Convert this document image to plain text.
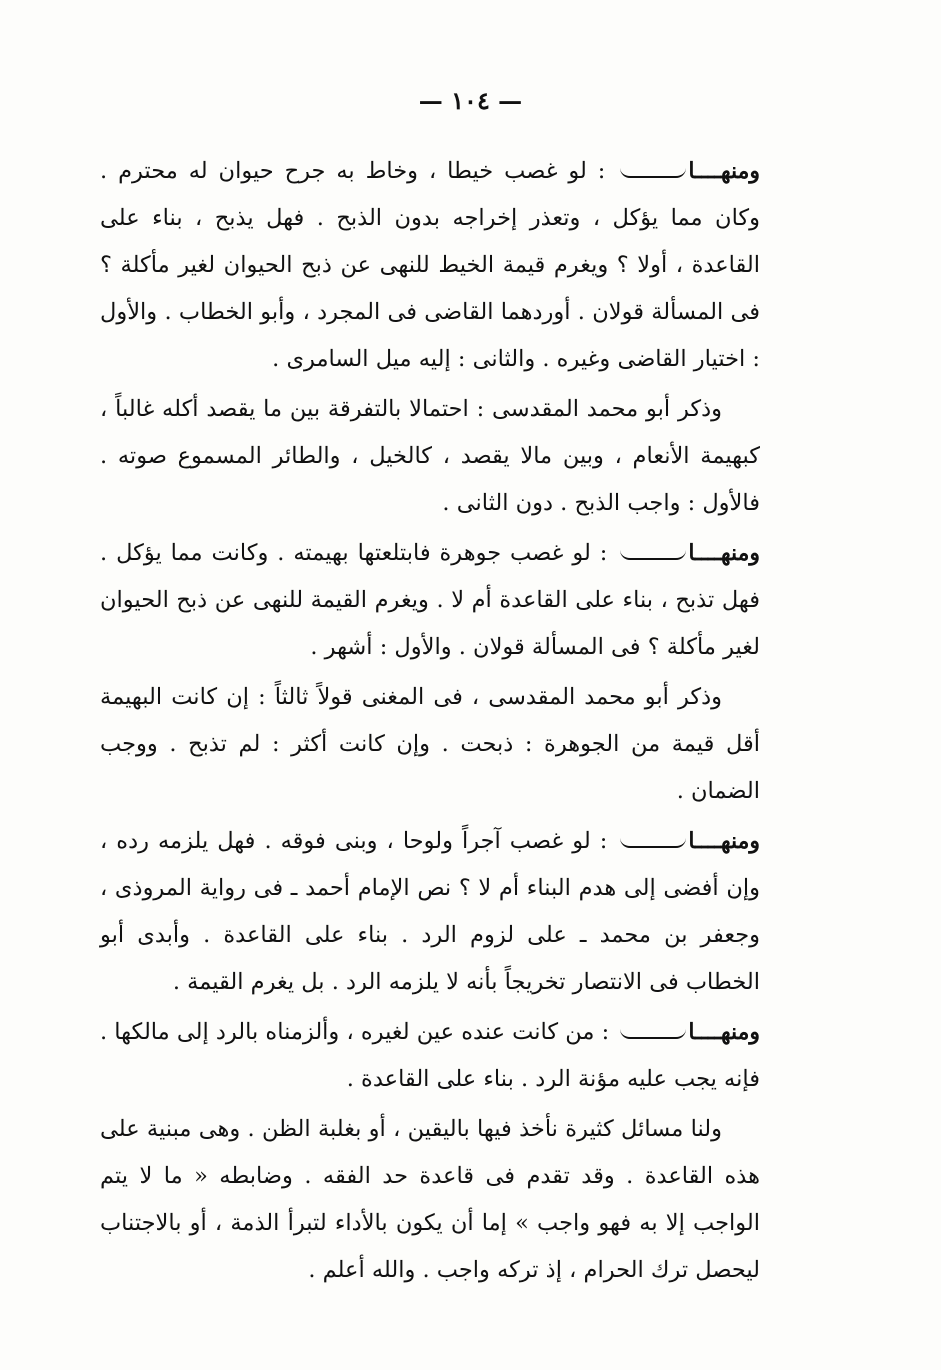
— ١٠٤ —

ومنهــــا : لو غصب خيطا ، وخاط به جرح حيوان له محترم . وكان مما يؤكل ، وتعذر إخراجه بدون الذبح . فهل يذبح ، بناء على القاعدة ، أولا ؟ ويغرم قيمة الخيط للنهى عن ذبح الحيوان لغير مأكلة ؟ فى المسألة قولان . أوردهما القاضى فى المجرد ، وأبو الخطاب . والأول : اختيار القاضى وغيره . والثانى : إليه ميل السامرى .

وذكر أبو محمد المقدسى : احتمالا بالتفرقة بين ما يقصد أكله غالباً ، كبهيمة الأنعام ، وبين مالا يقصد ، كالخيل ، والطائر المسموع صوته . فالأول : واجب الذبح . دون الثانى .

ومنهــــا : لو غصب جوهرة فابتلعتها بهيمته . وكانت مما يؤكل . فهل تذبح ، بناء على القاعدة أم لا . ويغرم القيمة للنهى عن ذبح الحيوان لغير مأكلة ؟ فى المسألة قولان . والأول : أشهر .

وذكر أبو محمد المقدسى ، فى المغنى قولاً ثالثاً : إن كانت البهيمة أقل قيمة من الجوهرة : ذبحت . وإن كانت أكثر : لم تذبح . ووجب الضمان .

ومنهــــا : لو غصب آجراً ولوحا ، وبنى فوقه . فهل يلزمه رده ، وإن أفضى إلى هدم البناء أم لا ؟ نص الإمام أحمد ـ فى رواية المروذى ، وجعفر بن محمد ـ على لزوم الرد . بناء على القاعدة . وأبدى أبو الخطاب فى الانتصار تخريجاً بأنه لا يلزمه الرد . بل يغرم القيمة .

ومنهــــا : من كانت عنده عين لغيره ، وألزمناه بالرد إلى مالكها . فإنه يجب عليه مؤنة الرد . بناء على القاعدة .

ولنا مسائل كثيرة نأخذ فيها باليقين ، أو بغلبة الظن . وهى مبنية على هذه القاعدة . وقد تقدم فى قاعدة حد الفقه . وضابطه « ما لا يتم الواجب إلا به فهو واجب » إما أن يكون بالأداء لتبرأ الذمة ، أو بالاجتناب ليحصل ترك الحرام ، إذ تركه واجب . والله أعلم .
